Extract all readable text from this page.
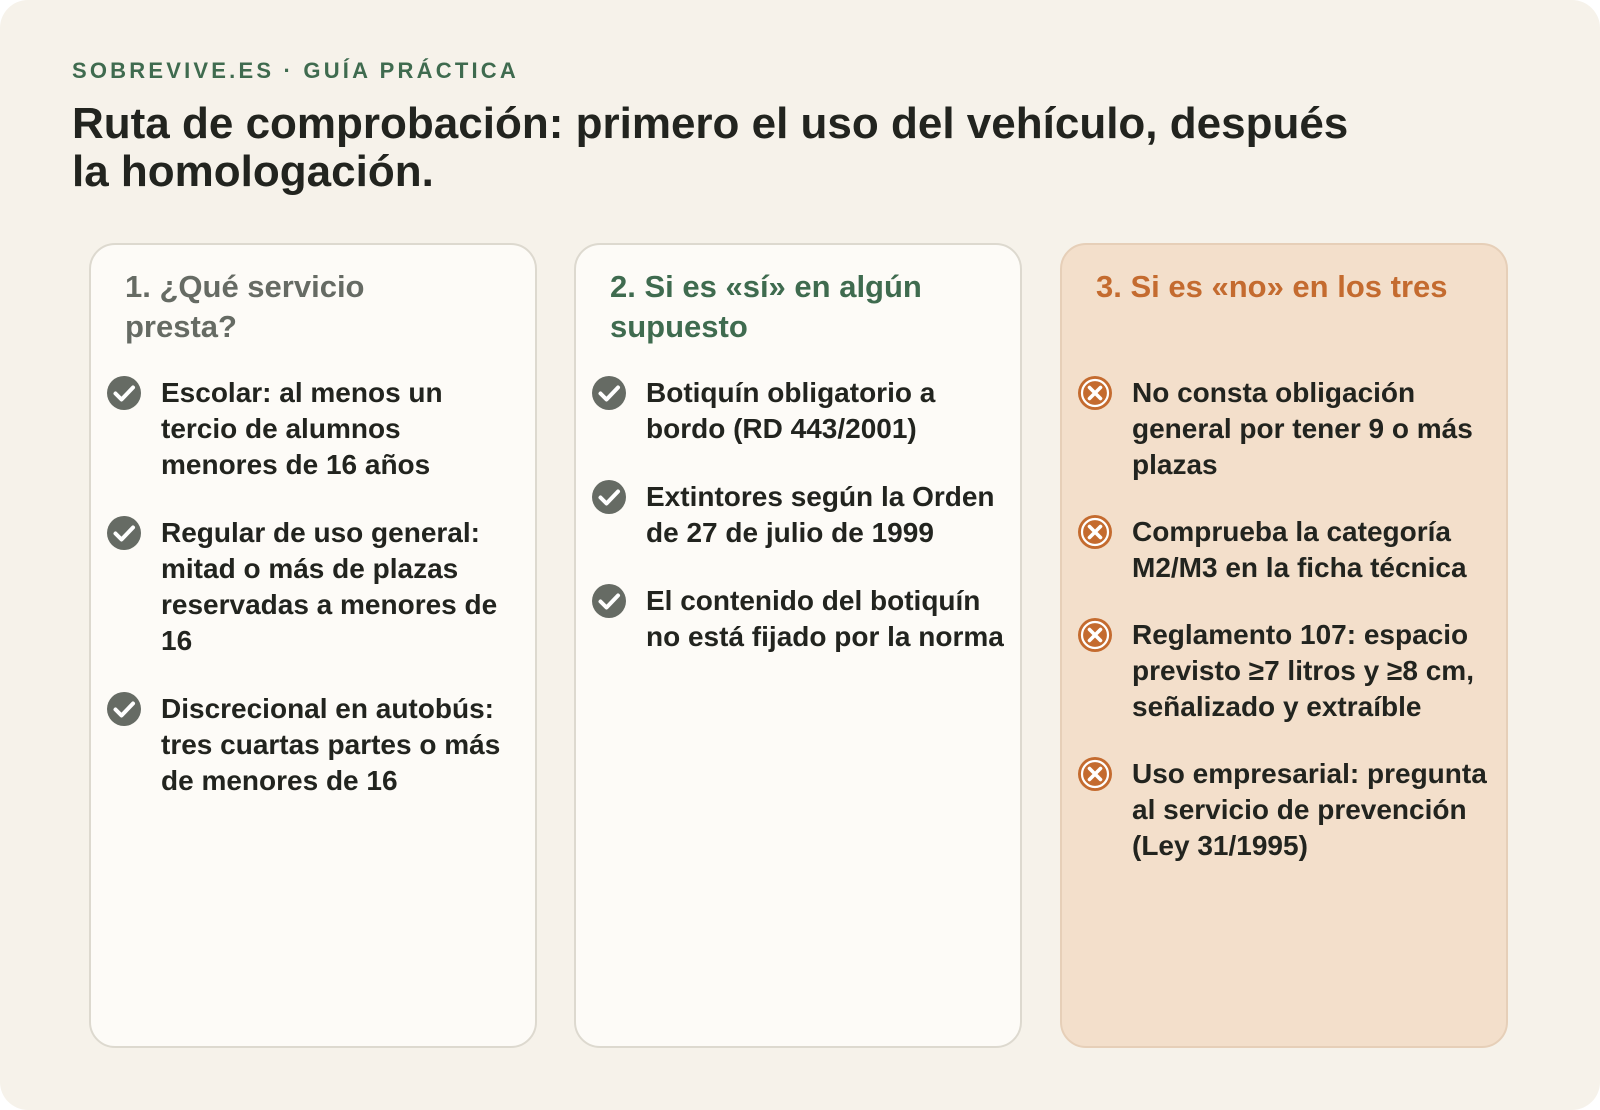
SOBREVIVE.ES · GUÍA PRÁCTICA
Ruta de comprobación: primero el uso del vehículo, después la homologación.
1. ¿Qué servicio presta?
Escolar: al menos un tercio de alumnos menores de 16 años
Regular de uso general: mitad o más de plazas reservadas a menores de 16
Discrecional en autobús: tres cuartas partes o más de menores de 16
2. Si es «sí» en algún supuesto
Botiquín obligatorio a bordo (RD 443/2001)
Extintores según la Orden de 27 de julio de 1999
El contenido del botiquín no está fijado por la norma
3. Si es «no» en los tres
No consta obligación general por tener 9 o más plazas
Comprueba la categoría M2/M3 en la ficha técnica
Reglamento 107: espacio previsto ≥7 litros y ≥8 cm, señalizado y extraíble
Uso empresarial: pregunta al servicio de prevención (Ley 31/1995)
